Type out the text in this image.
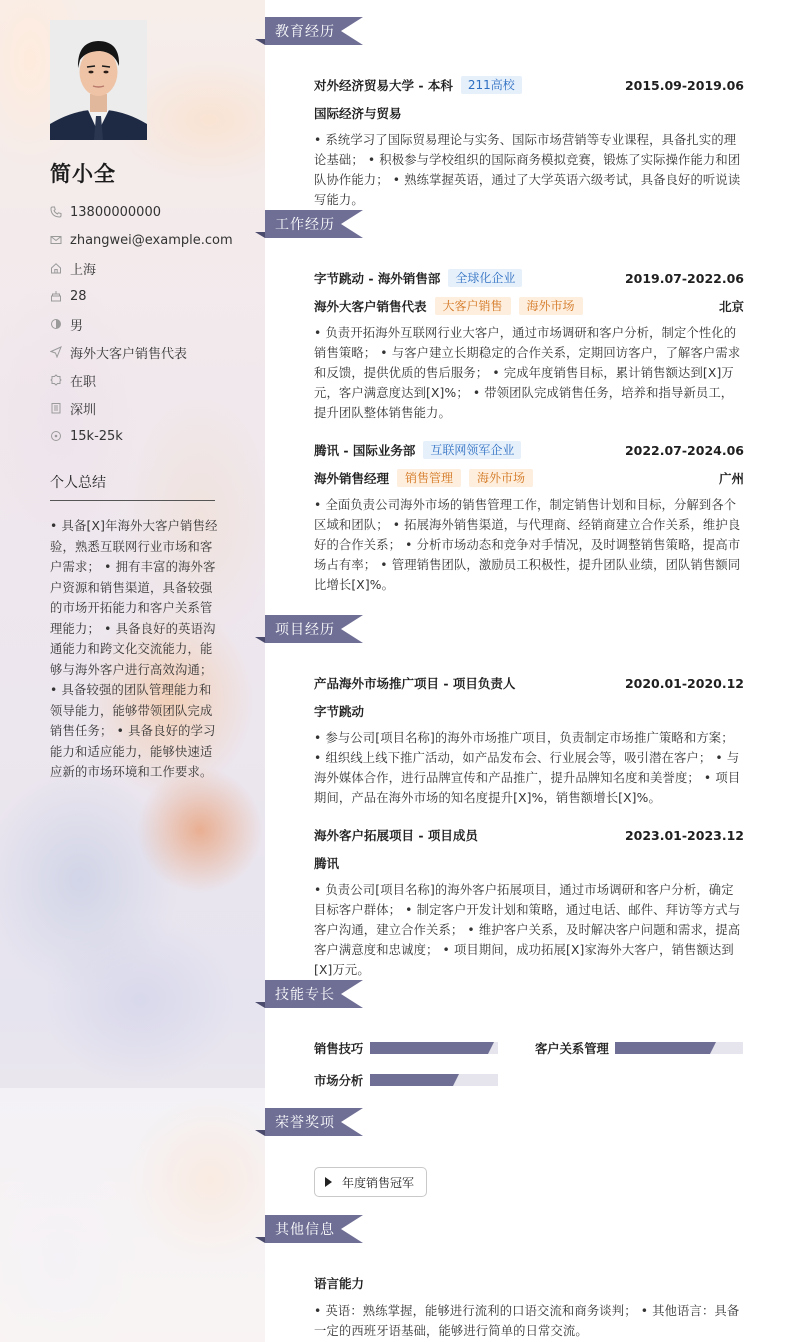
简小全
13800000000
zhangwei@example.com
上海
28
男
海外大客户销售代表
在职
深圳
15k-25k
个人总结
• 具备[X]年海外大客户销售经验，熟悉互联网行业市场和客户需求； • 拥有丰富的海外客户资源和销售渠道，具备较强的市场开拓能力和客户关系管理能力； • 具备良好的英语沟通能力和跨文化交流能力，能够与海外客户进行高效沟通； • 具备较强的团队管理能力和领导能力，能够带领团队完成销售任务； • 具备良好的学习能力和适应能力，能够快速适应新的市场环境和工作要求。
教育经历
对外经济贸易大学 - 本科	211高校	2015.09-2019.06
国际经济与贸易
• 系统学习了国际贸易理论与实务、国际市场营销等专业课程，具备扎实的理论基础； • 积极参与学校组织的国际商务模拟竞赛，锻炼了实际操作能力和团队协作能力； • 熟练掌握英语，通过了大学英语六级考试，具备良好的听说读写能力。
工作经历
字节跳动 - 海外销售部	全球化企业	2019.07-2022.06
海外大客户销售代表	大客户销售	海外市场	北京
• 负责开拓海外互联网行业大客户，通过市场调研和客户分析，制定个性化的销售策略； • 与客户建立长期稳定的合作关系，定期回访客户，了解客户需求和反馈，提供优质的售后服务； • 完成年度销售目标，累计销售额达到[X]万元，客户满意度达到[X]%； • 带领团队完成销售任务，培养和指导新员工，提升团队整体销售能力。
腾讯 - 国际业务部	互联网领军企业	2022.07-2024.06
海外销售经理	销售管理	海外市场	广州
• 全面负责公司海外市场的销售管理工作，制定销售计划和目标，分解到各个区域和团队； • 拓展海外销售渠道，与代理商、经销商建立合作关系，维护良好的合作关系； • 分析市场动态和竞争对手情况，及时调整销售策略，提高市场占有率； • 管理销售团队，激励员工积极性，提升团队业绩，团队销售额同比增长[X]%。
项目经历
产品海外市场推广项目 - 项目负责人	2020.01-2020.12
字节跳动
• 参与公司[项目名称]的海外市场推广项目，负责制定市场推广策略和方案； • 组织线上线下推广活动，如产品发布会、行业展会等，吸引潜在客户； • 与海外媒体合作，进行品牌宣传和产品推广，提升品牌知名度和美誉度； • 项目期间，产品在海外市场的知名度提升[X]%，销售额增长[X]%。
海外客户拓展项目 - 项目成员	2023.01-2023.12
腾讯
• 负责公司[项目名称]的海外客户拓展项目，通过市场调研和客户分析，确定目标客户群体； • 制定客户开发计划和策略，通过电话、邮件、拜访等方式与客户沟通，建立合作关系； • 维护客户关系，及时解决客户问题和需求，提高客户满意度和忠诚度； • 项目期间，成功拓展[X]家海外大客户，销售额达到[X]万元。
技能专长
销售技巧	客户关系管理
市场分析
荣誉奖项
年度销售冠军
其他信息
语言能力
• 英语：熟练掌握，能够进行流利的口语交流和商务谈判； • 其他语言：具备一定的西班牙语基础，能够进行简单的日常交流。
